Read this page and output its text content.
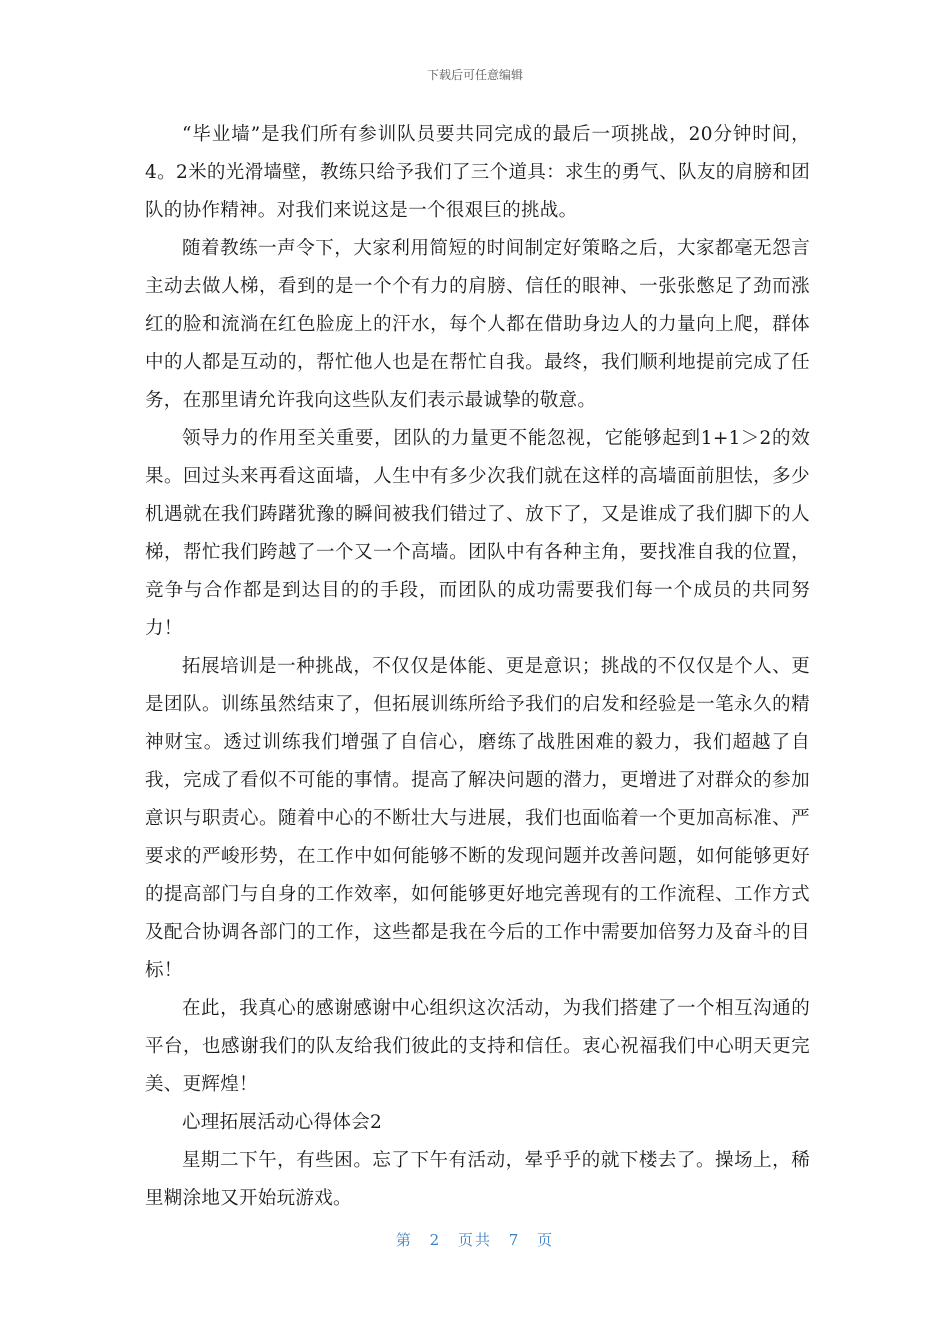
下载后可任意编辑

“毕业墙”是我们所有参训队员要共同完成的最后一项挑战，20分钟时间，4。2米的光滑墙壁，教练只给予我们了三个道具：求生的勇气、队友的肩膀和团队的协作精神。对我们来说这是一个很艰巨的挑战。

随着教练一声令下，大家利用简短的时间制定好策略之后，大家都毫无怨言主动去做人梯，看到的是一个个有力的肩膀、信任的眼神、一张张憋足了劲而涨红的脸和流淌在红色脸庞上的汗水，每个人都在借助身边人的力量向上爬，群体中的人都是互动的，帮忙他人也是在帮忙自我。最终，我们顺利地提前完成了任务，在那里请允许我向这些队友们表示最诚挚的敬意。

领导力的作用至关重要，团队的力量更不能忽视，它能够起到1+1＞2的效果。回过头来再看这面墙，人生中有多少次我们就在这样的高墙面前胆怯，多少机遇就在我们踌躇犹豫的瞬间被我们错过了、放下了，又是谁成了我们脚下的人梯，帮忙我们跨越了一个又一个高墙。团队中有各种主角，要找准自我的位置，竞争与合作都是到达目的的手段，而团队的成功需要我们每一个成员的共同努力！

拓展培训是一种挑战，不仅仅是体能、更是意识；挑战的不仅仅是个人、更是团队。训练虽然结束了，但拓展训练所给予我们的启发和经验是一笔永久的精神财宝。透过训练我们增强了自信心，磨练了战胜困难的毅力，我们超越了自我，完成了看似不可能的事情。提高了解决问题的潜力，更增进了对群众的参加意识与职责心。随着中心的不断壮大与进展，我们也面临着一个更加高标准、严要求的严峻形势，在工作中如何能够不断的发现问题并改善问题，如何能够更好的提高部门与自身的工作效率，如何能够更好地完善现有的工作流程、工作方式及配合协调各部门的工作，这些都是我在今后的工作中需要加倍努力及奋斗的目标！

在此，我真心的感谢感谢中心组织这次活动，为我们搭建了一个相互沟通的平台，也感谢我们的队友给我们彼此的支持和信任。衷心祝福我们中心明天更完美、更辉煌！

心理拓展活动心得体会2

星期二下午，有些困。忘了下午有活动，晕乎乎的就下楼去了。操场上，稀里糊涂地又开始玩游戏。

第 2 页共 7 页
